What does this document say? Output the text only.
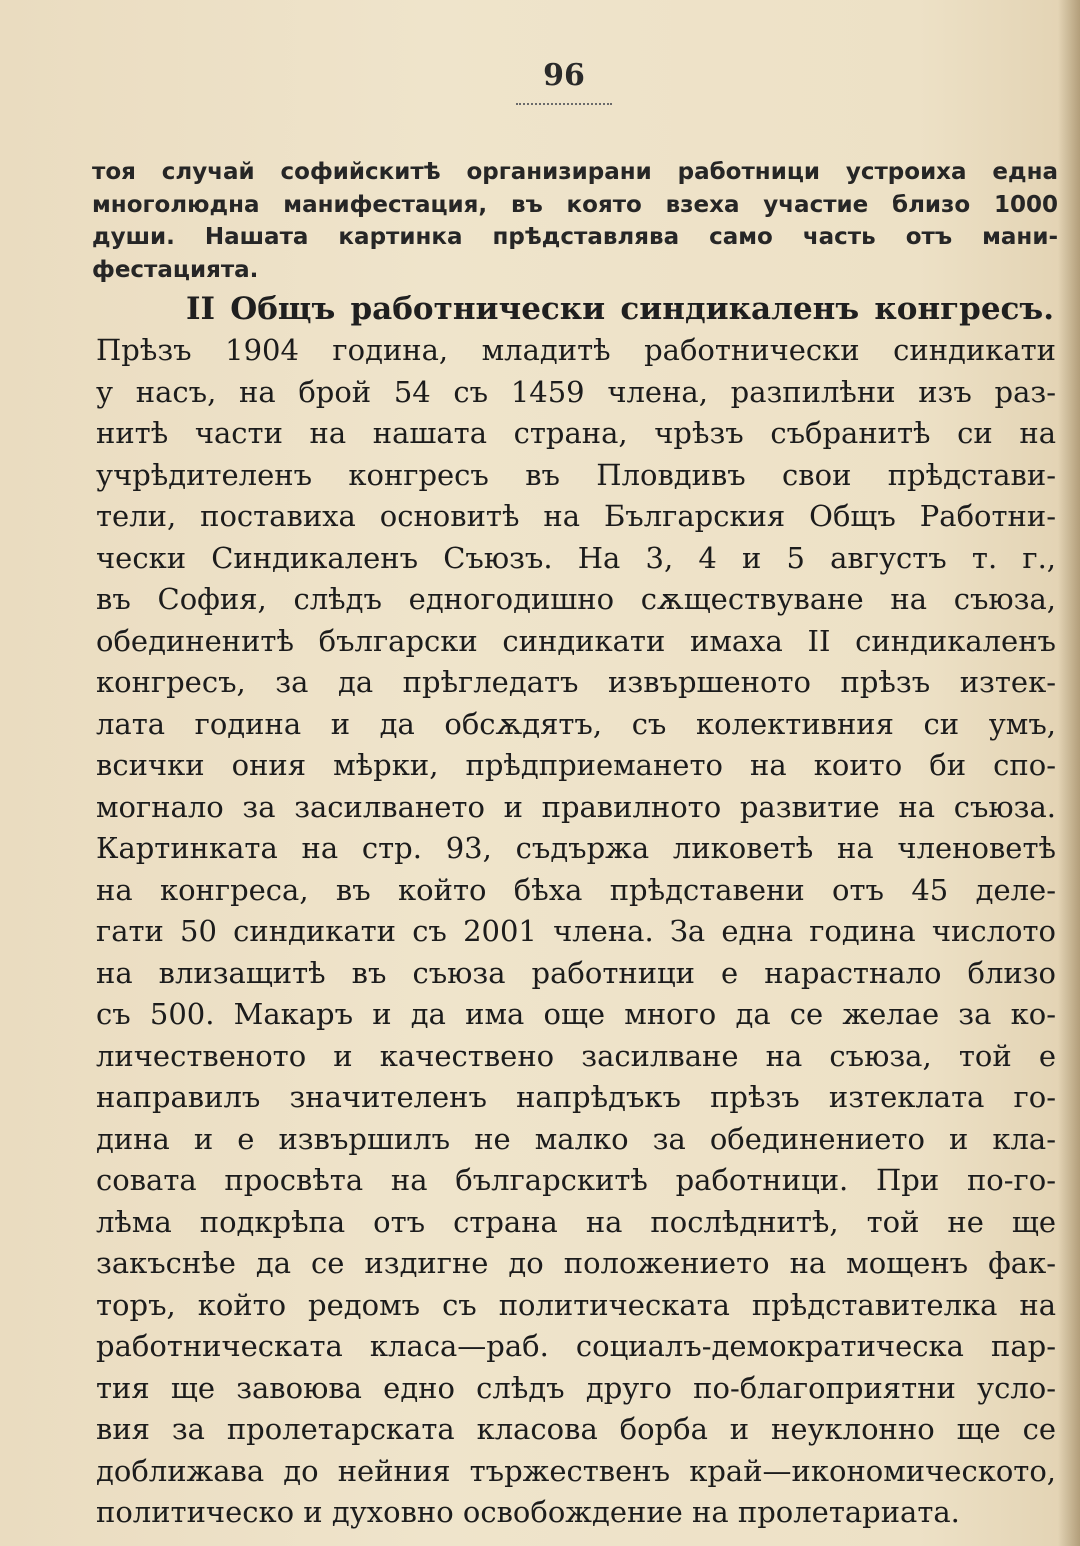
96
тоя случай софийскитѣ организирани работници устроиха една
многолюдна манифестация, въ която взеха участие близо 1000
души. Нашата картинка прѣдставлява само часть отъ мани-
фестацията.
II Общъ работнически синдикаленъ конгресъ.
Прѣзъ 1904 година, младитѣ работнически синдикати
у насъ, на брой 54 съ 1459 члена, разпилѣни изъ раз-
нитѣ части на нашата страна, чрѣзъ събранитѣ си на
учрѣдителенъ конгресъ въ Пловдивъ свои прѣдстави-
тели, поставиха основитѣ на Българския Общъ Работни-
чески Синдикаленъ Съюзъ. На 3, 4 и 5 августъ т. г.,
въ София, слѣдъ едногодишно сѫществуване на съюза,
обединенитѣ български синдикати имаха II синдикаленъ
конгресъ, за да прѣгледатъ извършеното прѣзъ изтек-
лата година и да обсѫдятъ, съ колективния си умъ,
всички ония мѣрки, прѣдприемането на които би спо-
могнало за засилването и правилното развитие на съюза.
Картинката на стр. 93, съдържа ликоветѣ на членоветѣ
на конгреса, въ който бѣха прѣдставени отъ 45 деле-
гати 50 синдикати съ 2001 члена. За една година числото
на влизащитѣ въ съюза работници е нарастнало близо
съ 500. Макаръ и да има още много да се желае за ко-
личественото и качествено засилване на съюза, той е
направилъ значителенъ напрѣдъкъ прѣзъ изтеклата го-
дина и е извършилъ не малко за обединението и кла-
совата просвѣта на българскитѣ работници. При по-го-
лѣма подкрѣпа отъ страна на послѣднитѣ, той не ще
закъснѣе да се издигне до положението на мощенъ фак-
торъ, който редомъ съ политическата прѣдставителка на
работническата класа—раб. социалъ-демократическа пар-
тия ще завоюва едно слѣдъ друго по-благоприятни усло-
вия за пролетарската класова борба и неуклонно ще се
доближава до нейния тържественъ край—икономическото,
политическо и духовно освобождение на пролетариата.
